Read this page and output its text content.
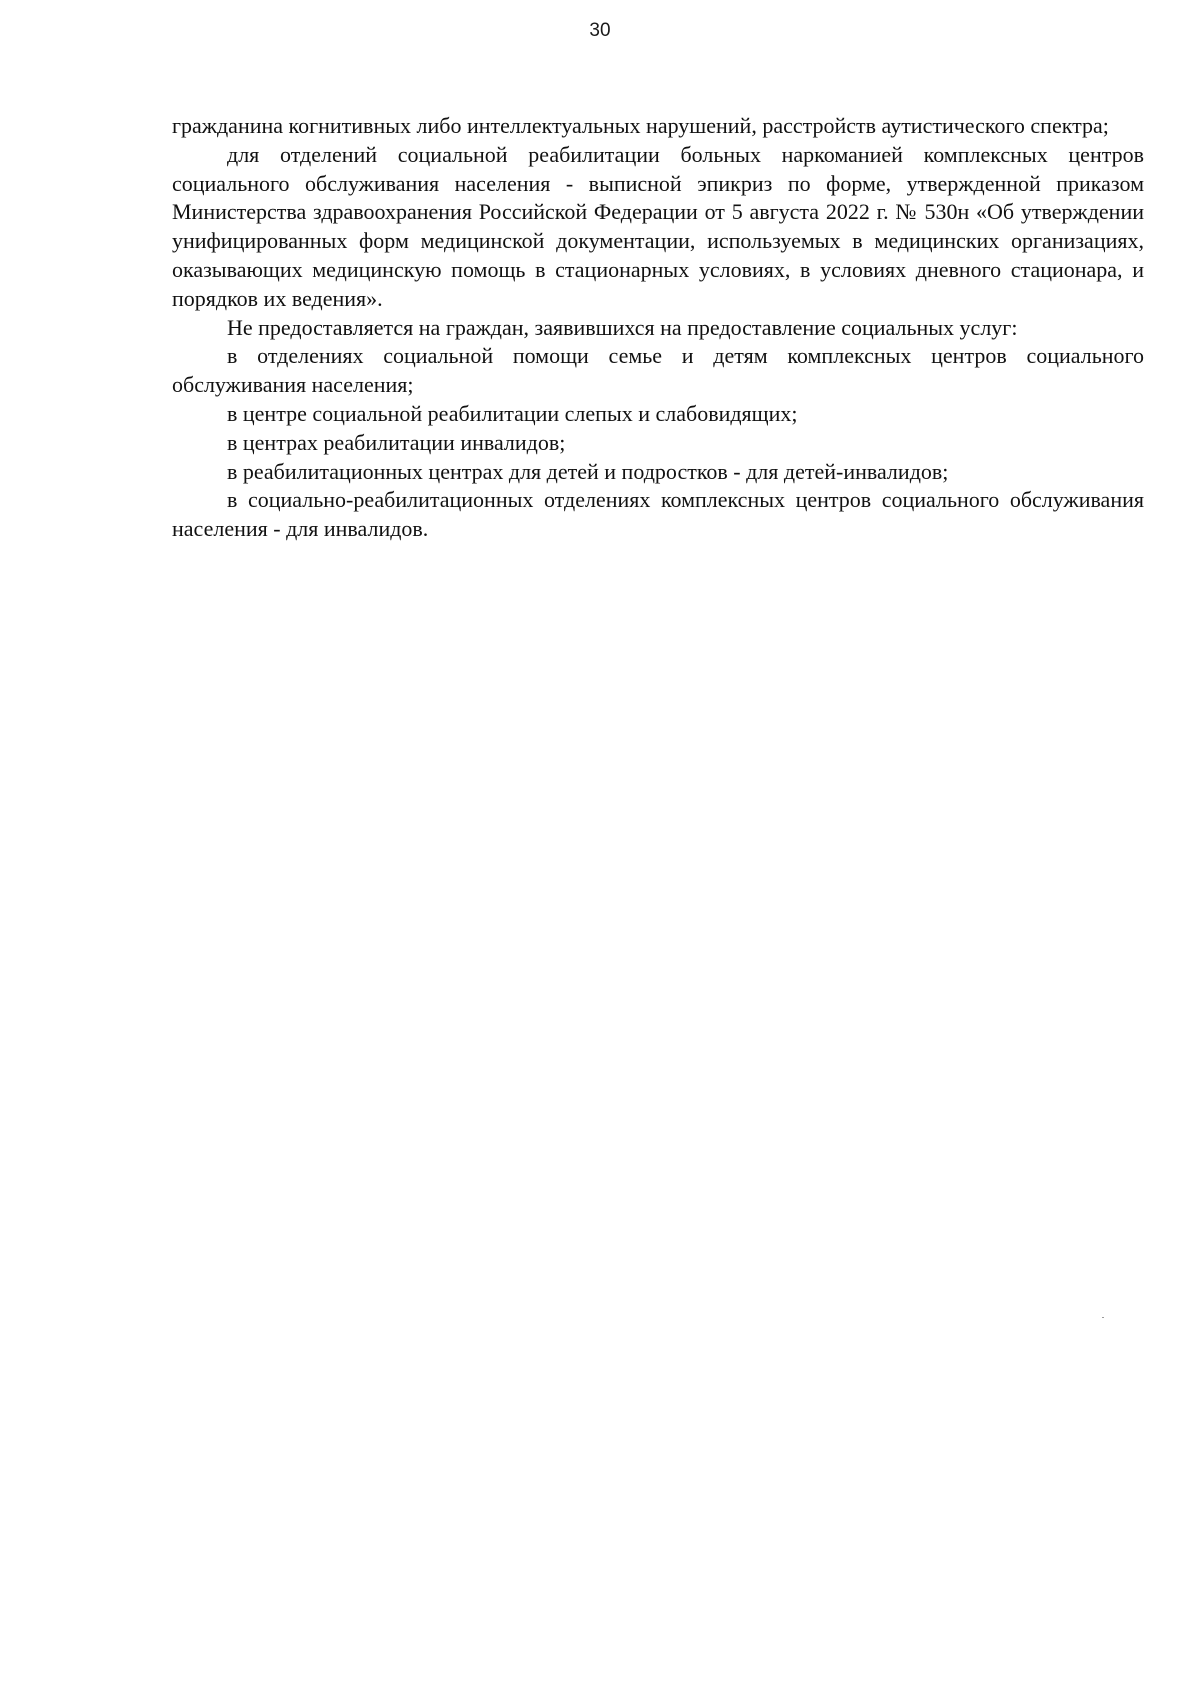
30

гражданина когнитивных либо интеллектуальных нарушений, расстройств аутистического спектра;

для отделений социальной реабилитации больных наркоманией комплексных центров социального обслуживания населения - выписной эпикриз по форме, утвержденной приказом Министерства здравоохранения Российской Федерации от 5 августа 2022 г. № 530н «Об утверждении унифицированных форм медицинской документации, используемых в медицинских организациях, оказывающих медицинскую помощь в стационарных условиях, в условиях дневного стационара, и порядков их ведения».

Не предоставляется на граждан, заявившихся на предоставление социальных услуг:

в отделениях социальной помощи семье и детям комплексных центров социального обслуживания населения;

в центре социальной реабилитации слепых и слабовидящих;

в центрах реабилитации инвалидов;

в реабилитационных центрах для детей и подростков - для детей-инвалидов;

в социально-реабилитационных отделениях комплексных центров социального обслуживания населения - для инвалидов.
